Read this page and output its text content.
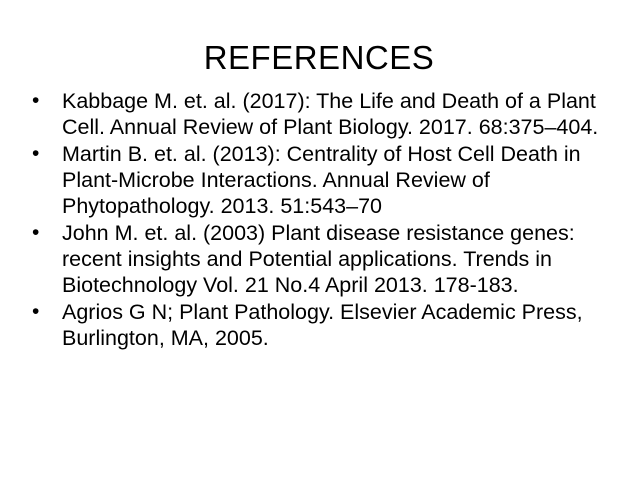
REFERENCES
•	Kabbage M. et. al. (2017): The Life and Death of a Plant Cell. Annual Review of Plant Biology. 2017. 68:375–404.
•	Martin B. et. al. (2013): Centrality of Host Cell Death in Plant-Microbe Interactions. Annual Review of Phytopathology. 2013. 51:543–70
•	John M. et. al. (2003) Plant disease resistance genes: recent insights and Potential applications. Trends in Biotechnology Vol. 21 No.4 April 2013. 178-183.
•	Agrios G N; Plant Pathology. Elsevier Academic Press, Burlington, MA, 2005.
